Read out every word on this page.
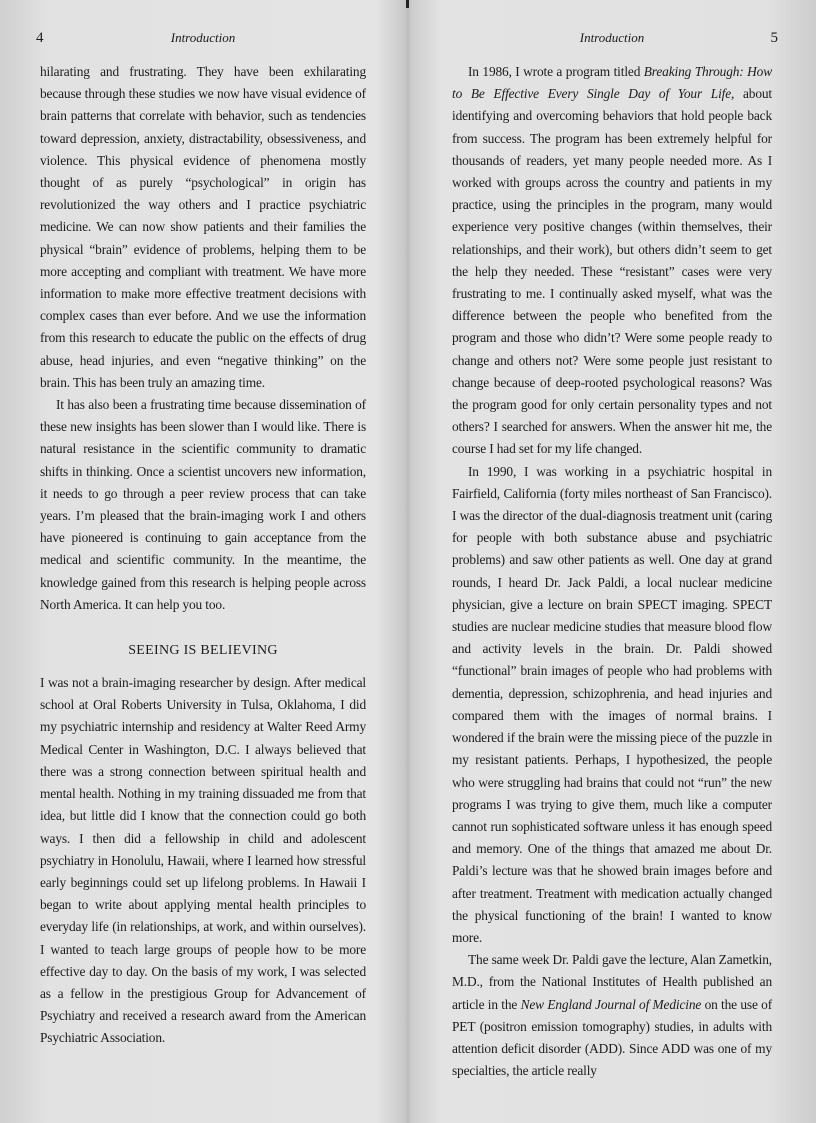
4	Introduction

hilarating and frustrating. They have been exhilarating because through these studies we now have visual evidence of brain patterns that correlate with behavior, such as tendencies toward depression, anxiety, distractability, obsessiveness, and violence. This physical evidence of phenomena mostly thought of as purely “psychological” in origin has revolutionized the way others and I practice psychiatric medicine. We can now show patients and their families the physical “brain” evidence of problems, helping them to be more accepting and compliant with treatment. We have more information to make more effective treatment decisions with complex cases than ever before. And we use the information from this research to educate the public on the effects of drug abuse, head injuries, and even “negative thinking” on the brain. This has been truly an amazing time.

It has also been a frustrating time because dissemination of these new insights has been slower than I would like. There is natural resistance in the scientific community to dramatic shifts in thinking. Once a scientist uncovers new information, it needs to go through a peer review process that can take years. I’m pleased that the brain-imaging work I and others have pioneered is continuing to gain acceptance from the medical and scientific community. In the meantime, the knowledge gained from this research is helping people across North America. It can help you too.

SEEING IS BELIEVING

I was not a brain-imaging researcher by design. After medical school at Oral Roberts University in Tulsa, Oklahoma, I did my psychiatric internship and residency at Walter Reed Army Medical Center in Washington, D.C. I always believed that there was a strong connection between spiritual health and mental health. Nothing in my training dissuaded me from that idea, but little did I know that the connection could go both ways. I then did a fellowship in child and adolescent psychiatry in Honolulu, Hawaii, where I learned how stressful early beginnings could set up lifelong problems. In Hawaii I began to write about applying mental health principles to everyday life (in relationships, at work, and within ourselves). I wanted to teach large groups of people how to be more effective day to day. On the basis of my work, I was selected as a fellow in the prestigious Group for Advancement of Psychiatry and received a research award from the American Psychiatric Association.

Introduction	5

In 1986, I wrote a program titled Breaking Through: How to Be Effective Every Single Day of Your Life, about identifying and overcoming behaviors that hold people back from success. The program has been extremely helpful for thousands of readers, yet many people needed more. As I worked with groups across the country and patients in my practice, using the principles in the program, many would experience very positive changes (within themselves, their relationships, and their work), but others didn’t seem to get the help they needed. These “resistant” cases were very frustrating to me. I continually asked myself, what was the difference between the people who benefited from the program and those who didn’t? Were some people ready to change and others not? Were some people just resistant to change because of deep-rooted psychological reasons? Was the program good for only certain personality types and not others? I searched for answers. When the answer hit me, the course I had set for my life changed.

In 1990, I was working in a psychiatric hospital in Fairfield, California (forty miles northeast of San Francisco). I was the director of the dual-diagnosis treatment unit (caring for people with both substance abuse and psychiatric problems) and saw other patients as well. One day at grand rounds, I heard Dr. Jack Paldi, a local nuclear medicine physician, give a lecture on brain SPECT imaging. SPECT studies are nuclear medicine studies that measure blood flow and activity levels in the brain. Dr. Paldi showed “functional” brain images of people who had problems with dementia, depression, schizophrenia, and head injuries and compared them with the images of normal brains. I wondered if the brain were the missing piece of the puzzle in my resistant patients. Perhaps, I hypothesized, the people who were struggling had brains that could not “run” the new programs I was trying to give them, much like a computer cannot run sophisticated software unless it has enough speed and memory. One of the things that amazed me about Dr. Paldi’s lecture was that he showed brain images before and after treatment. Treatment with medication actually changed the physical functioning of the brain! I wanted to know more.

The same week Dr. Paldi gave the lecture, Alan Zametkin, M.D., from the National Institutes of Health published an article in the New England Journal of Medicine on the use of PET (positron emission tomography) studies, in adults with attention deficit disorder (ADD). Since ADD was one of my specialties, the article really
